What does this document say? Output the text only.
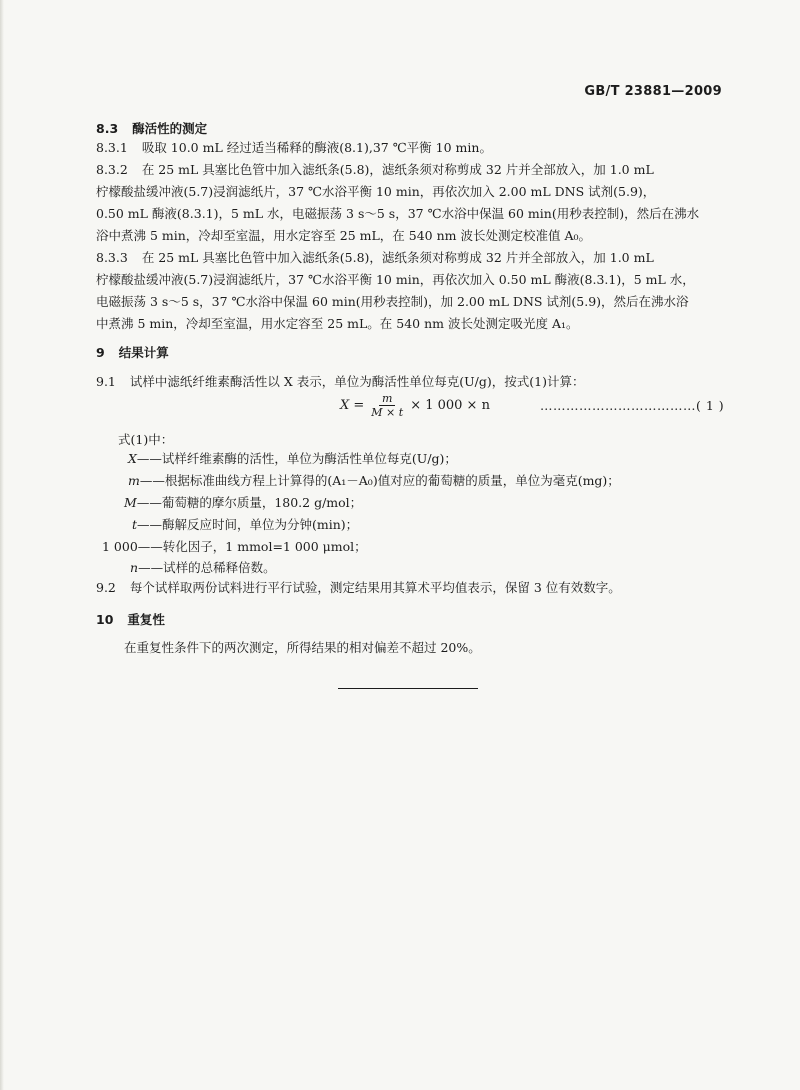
GB/T 23881—2009
8.3 酶活性的测定
8.3.1 吸取 10.0 mL 经过适当稀释的酶液(8.1),37 ℃平衡 10 min。
8.3.2 在 25 mL 具塞比色管中加入滤纸条(5.8)，滤纸条须对称剪成 32 片并全部放入，加 1.0 mL
柠檬酸盐缓冲液(5.7)浸润滤纸片，37 ℃水浴平衡 10 min，再依次加入 2.00 mL DNS 试剂(5.9)，
0.50 mL 酶液(8.3.1)，5 mL 水，电磁振荡 3 s～5 s，37 ℃水浴中保温 60 min(用秒表控制)，然后在沸水
浴中煮沸 5 min，冷却至室温，用水定容至 25 mL，在 540 nm 波长处测定校准值 A₀。
8.3.3 在 25 mL 具塞比色管中加入滤纸条(5.8)，滤纸条须对称剪成 32 片并全部放入，加 1.0 mL
柠檬酸盐缓冲液(5.7)浸润滤纸片，37 ℃水浴平衡 10 min，再依次加入 0.50 mL 酶液(8.3.1)，5 mL 水，
电磁振荡 3 s～5 s，37 ℃水浴中保温 60 min(用秒表控制)，加 2.00 mL DNS 试剂(5.9)，然后在沸水浴
中煮沸 5 min，冷却至室温，用水定容至 25 mL。在 540 nm 波长处测定吸光度 A₁。
9 结果计算
9.1 试样中滤纸纤维素酶活性以 X 表示，单位为酶活性单位每克(U/g)，按式(1)计算：
$X = \frac{m}{M \times t} \times 1$ 000 × n	………………………………( 1 )
式(1)中：
X——试样纤维素酶的活性，单位为酶活性单位每克(U/g)；
m——根据标准曲线方程上计算得的(A₁－A₀)值对应的葡萄糖的质量，单位为毫克(mg)；
M——葡萄糖的摩尔质量，180.2 g/mol；
t——酶解反应时间，单位为分钟(min)；
1 000——转化因子，1 mmol=1 000 μmol；
n——试样的总稀释倍数。
9.2 每个试样取两份试料进行平行试验，测定结果用其算术平均值表示，保留 3 位有效数字。
10 重复性
在重复性条件下的两次测定，所得结果的相对偏差不超过 20%。
